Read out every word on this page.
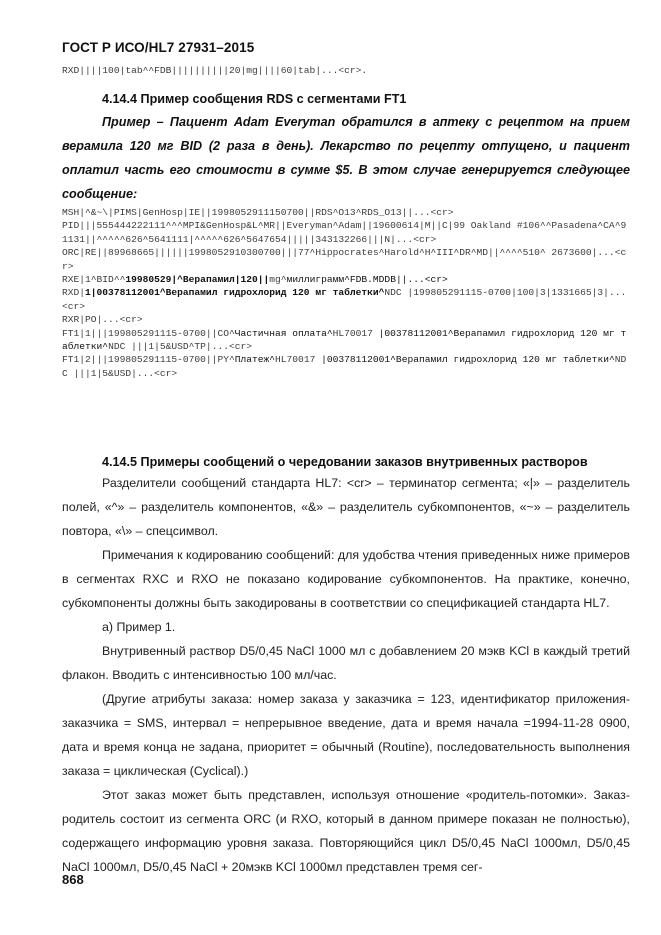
ГОСТ Р ИСО/HL7 27931–2015
RXD||||100|tab^^FDB||||||||||20|mg||||60|tab|...<cr>.
4.14.4 Пример сообщения RDS с сегментами FT1

Пример – Пациент Adam Everyman обратился в аптеку с рецептом на прием верамила 120 мг BID (2 раза в день). Лекарство по рецепту отпущено, и пациент оплатил часть его стоимости в сумме $5. В этом случае генерируется следующее сообщение:

MSH|^&~\|PIMS|GenHosp|IE||1998052911150700||RDS^O13^RDS_O13||...<cr>
PID|||555444222111^^^MPI&GenHosp&L^MR||Everyman^Adam||19600614|M||C|99 Oakland #106^^Pasadena^CA^91131||^^^^^626^5641111|^^^^^626^5647654|||||343132266|||N|...<cr>
ORC|RE||89968665||||||1998052910300700|||77^Hippocrates^Harold^H^III^DR^MD||^^^^510^ 2673600|...<cr>
RXE|1^BID^^19980529|^Верапамил|120||mg^миллиграмм^FDB.MDDB||...<cr>
RXD|1|00378112001^Верапамил гидрохлорид 120 мг таблетки^NDC |199805291115-0700|100|3|1331665|3|...<cr>
RXR|PO|...<cr>
FT1|1|||199805291115-0700||CO^Частичная оплата^HL70017 |00378112001^Верапамил гидрохлорид 120 мг таблетки^NDC |||1|5&USD^TP|...<cr>
FT1|2|||199805291115-0700||PY^Платеж^HL70017 |00378112001^Верапамил гидрохлорид 120 мг таблетки^NDC |||1|5&USD|...<cr>
4.14.5 Примеры сообщений о чередовании заказов внутривенных растворов

Разделители сообщений стандарта HL7: <cr> – терминатор сегмента; «|» – разделитель полей, «^» – разделитель компонентов, «&» – разделитель субкомпонентов, «~» – разделитель повтора, «\» – спецсимвол.

Примечания к кодированию сообщений: для удобства чтения приведенных ниже примеров в сегментах RXC и RXO не показано кодирование субкомпонентов. На практике, конечно, субкомпоненты должны быть закодированы в соответствии со спецификацией стандарта HL7.

а) Пример 1.

Внутривенный раствор D5/0,45 NaCl 1000 мл с добавлением 20 мэкв KCl в каждый третий флакон. Вводить с интенсивностью 100 мл/час.

(Другие атрибуты заказа: номер заказа у заказчика = 123, идентификатор приложения-заказчика = SMS, интервал = непрерывное введение, дата и время начала =1994-11-28 0900, дата и время конца не задана, приоритет = обычный (Routine), последовательность выполнения заказа = циклическая (Cyclical).)

Этот заказ может быть представлен, используя отношение «родитель-потомки». Заказ-родитель состоит из сегмента ORC (и RXO, который в данном примере показан не полностью), содержащего информацию уровня заказа. Повторяющийся цикл D5/0,45 NaCl 1000мл, D5/0,45 NaCl 1000мл, D5/0,45 NaCl + 20мэкв KCl 1000мл представлен тремя сег-

868
